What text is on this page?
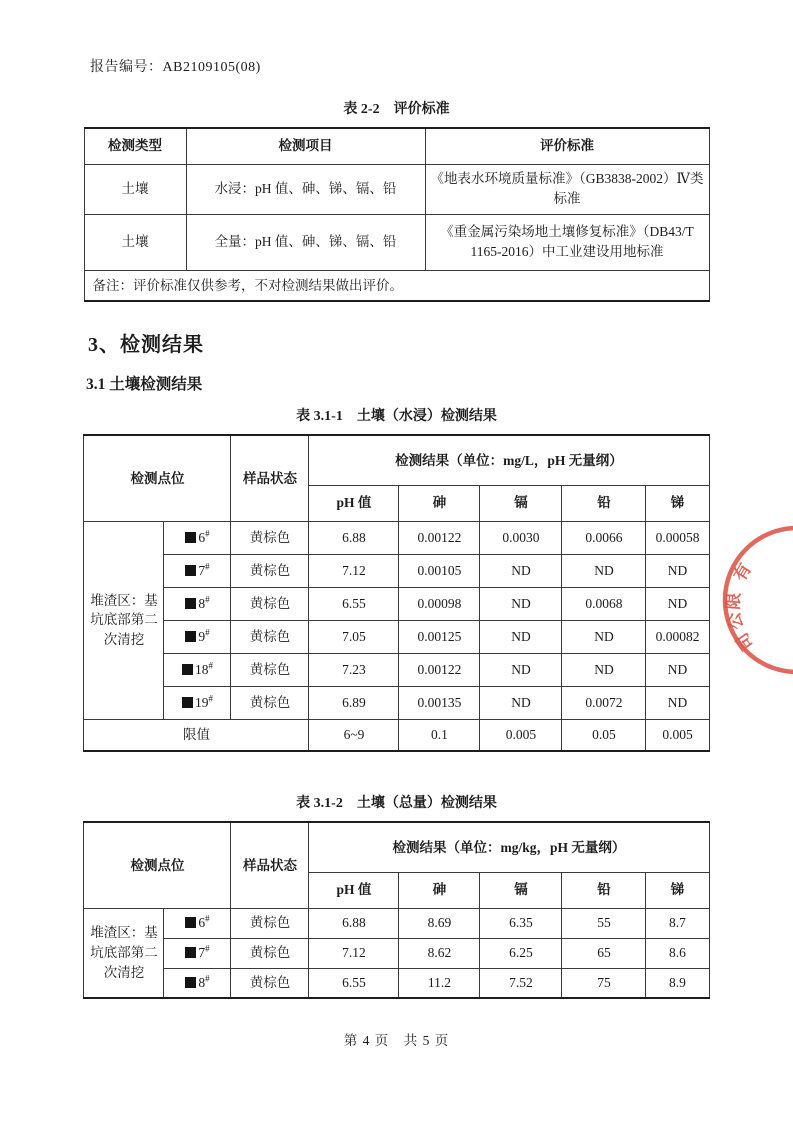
报告编号：AB2109105(08)
表 2-2　评价标准
检测类型	检测项目	评价标准
土壤	水浸：pH 值、砷、锑、镉、铅	《地表水环境质量标准》（GB3838-2002）Ⅳ类标准
土壤	全量：pH 值、砷、锑、镉、铅	《重金属污染场地土壤修复标准》（DB43/T 1165-2016）中工业建设用地标准
备注：评价标准仅供参考，不对检测结果做出评价。		
3、检测结果
3.1 土壤检测结果
表 3.1-1　土壤（水浸）检测结果
检测点位		样品状态	检测结果（单位：mg/L，pH 无量纲）				
			pH 值	砷	镉	铅	锑
堆渣区：基坑底部第二次清挖	6#	黄棕色	6.88	0.00122	0.0030	0.0066	0.00058
	7#	黄棕色	7.12	0.00105	ND	ND	ND
	8#	黄棕色	6.55	0.00098	ND	0.0068	ND
	9#	黄棕色	7.05	0.00125	ND	ND	0.00082
	18#	黄棕色	7.23	0.00122	ND	ND	ND
	19#	黄棕色	6.89	0.00135	ND	0.0072	ND
限值			6~9	0.1	0.005	0.05	0.005
表 3.1-2　土壤（总量）检测结果
检测点位		样品状态	检测结果（单位：mg/kg，pH 无量纲）				
			pH 值	砷	镉	铅	锑
堆渣区：基坑底部第二次清挖	6#	黄棕色	6.88	8.69	6.35	55	8.7
	7#	黄棕色	7.12	8.62	6.25	65	8.6
	8#	黄棕色	6.55	11.2	7.52	75	8.9
第 4 页　共 5 页
有
限
公
司
